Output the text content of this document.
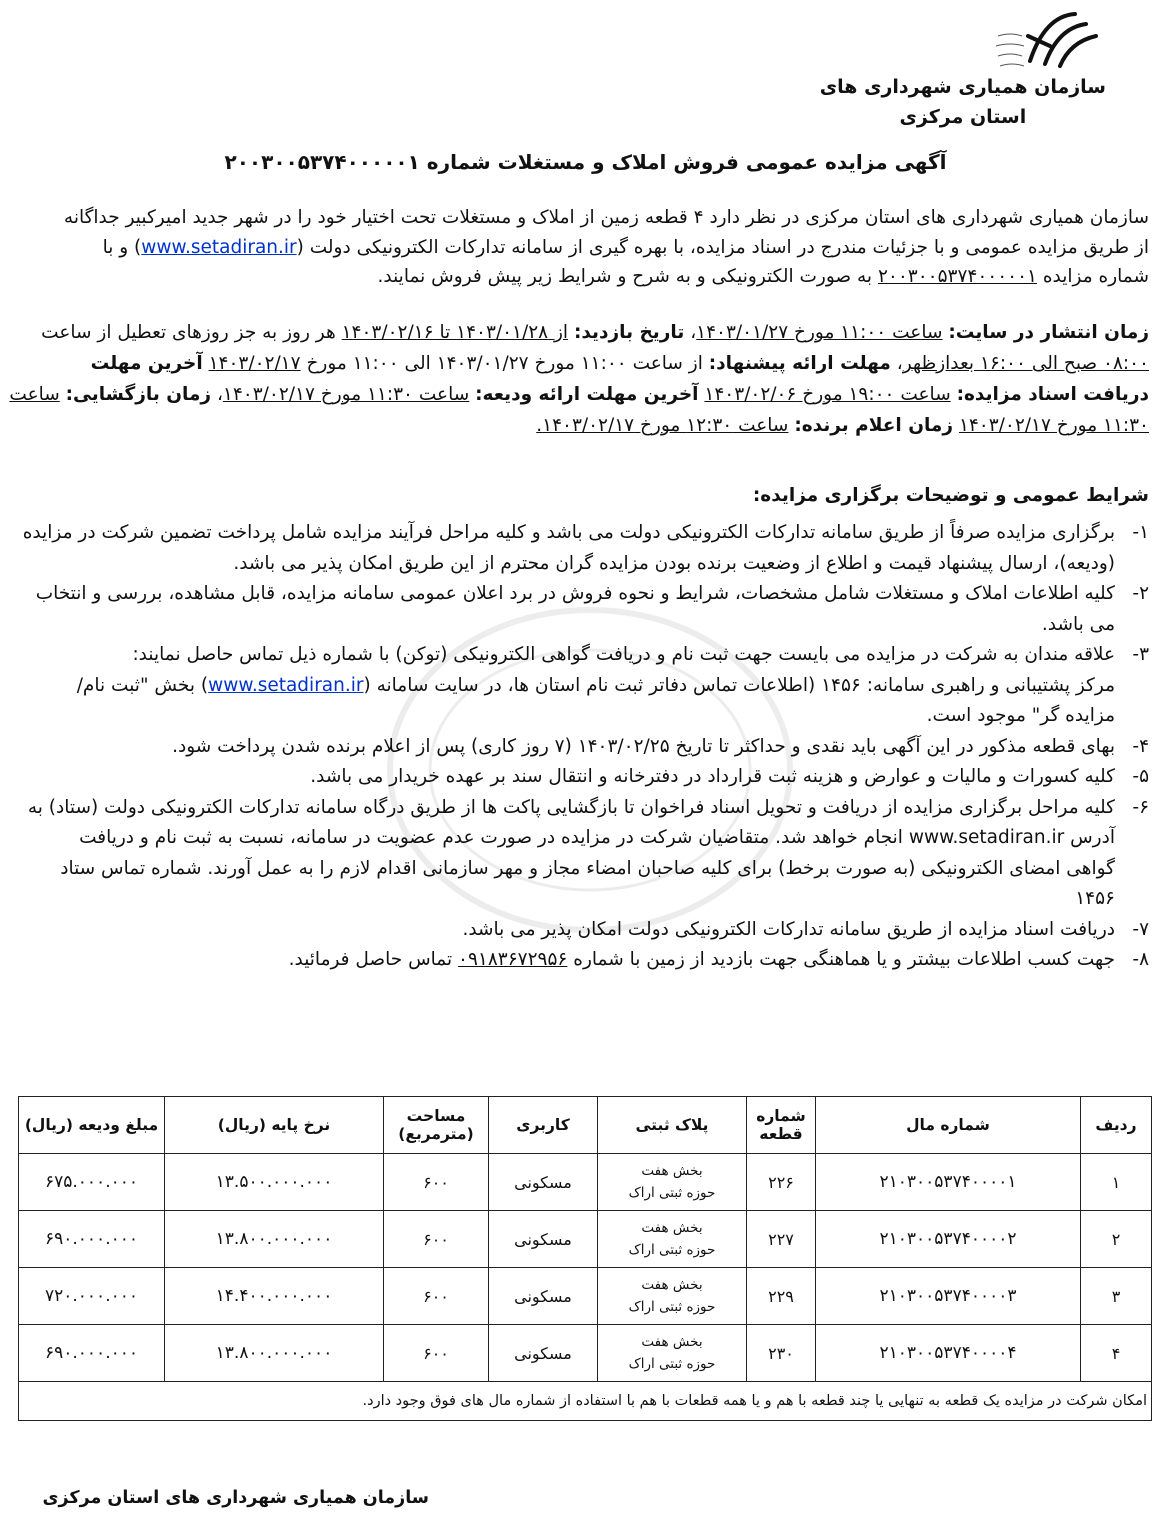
سازمان همیاری شهرداری های
استان مرکزی
آگهی مزایده عمومی فروش املاک و مستغلات شماره ۲۰۰۳۰۰۵۳۷۴۰۰۰۰۰۱
سازمان همیاری شهرداری های استان مرکزی در نظر دارد ۴ قطعه زمین از املاک و مستغلات تحت اختیار خود را در شهر جدید امیرکبیر جداگانه
از طریق مزایده عمومی و با جزئیات مندرج در اسناد مزایده، با بهره گیری از سامانه تدارکات الکترونیکی دولت (www.setadiran.ir) و با
شماره مزایده ۲۰۰۳۰۰۵۳۷۴۰۰۰۰۰۱ به صورت الکترونیکی و به شرح و شرایط زیر پیش فروش نمایند.
زمان انتشار در سایت: ساعت ۱۱:۰۰ مورخ ۱۴۰۳/۰۱/۲۷، تاریخ بازدید: از ۱۴۰۳/۰۱/۲۸ تا ۱۴۰۳/۰۲/۱۶ هر روز به جز روزهای تعطیل از ساعت
۰۸:۰۰ صبح الی ۱۶:۰۰ بعدازظهر، مهلت ارائه پیشنهاد: از ساعت ۱۱:۰۰ مورخ ۱۴۰۳/۰۱/۲۷ الی ۱۱:۰۰ مورخ ۱۴۰۳/۰۲/۱۷ آخرین مهلت
دریافت اسناد مزایده: ساعت ۱۹:۰۰ مورخ ۱۴۰۳/۰۲/۰۶ آخرین مهلت ارائه ودیعه: ساعت ۱۱:۳۰ مورخ ۱۴۰۳/۰۲/۱۷، زمان بازگشایی: ساعت
۱۱:۳۰ مورخ ۱۴۰۳/۰۲/۱۷ زمان اعلام برنده: ساعت ۱۲:۳۰ مورخ ۱۴۰۳/۰۲/۱۷.
شرایط عمومی و توضیحات برگزاری مزایده:
۱-
برگزاری مزایده صرفاً از طریق سامانه تدارکات الکترونیکی دولت می باشد و کلیه مراحل فرآیند مزایده شامل پرداخت تضمین شرکت در مزایده
(ودیعه)، ارسال پیشنهاد قیمت و اطلاع از وضعیت برنده بودن مزایده گران محترم از این طریق امکان پذیر می باشد.
۲-
کلیه اطلاعات املاک و مستغلات شامل مشخصات، شرایط و نحوه فروش در برد اعلان عمومی سامانه مزایده، قابل مشاهده، بررسی و انتخاب
می باشد.
۳-
علاقه مندان به شرکت در مزایده می بایست جهت ثبت نام و دریافت گواهی الکترونیکی (توکن) با شماره ذیل تماس حاصل نمایند:
مرکز پشتیبانی و راهبری سامانه: ۱۴۵۶ (اطلاعات تماس دفاتر ثبت نام استان ها، در سایت سامانه (www.setadiran.ir) بخش "ثبت نام/
مزایده گر" موجود است.
۴-
بهای قطعه مذکور در این آگهی باید نقدی و حداکثر تا تاریخ ۱۴۰۳/۰۲/۲۵ (۷ روز کاری) پس از اعلام برنده شدن پرداخت شود.
۵-
کلیه کسورات و مالیات و عوارض و هزینه ثبت قرارداد در دفترخانه و انتقال سند بر عهده خریدار می باشد.
۶-
کلیه مراحل برگزاری مزایده از دریافت و تحویل اسناد فراخوان تا بازگشایی پاکت ها از طریق درگاه سامانه تدارکات الکترونیکی دولت (ستاد) به
آدرس www.setadiran.ir انجام خواهد شد. متقاضیان شرکت در مزایده در صورت عدم عضویت در سامانه، نسبت به ثبت نام و دریافت
گواهی امضای الکترونیکی (به صورت برخط) برای کلیه صاحبان امضاء مجاز و مهر سازمانی اقدام لازم را به عمل آورند. شماره تماس ستاد
۱۴۵۶
۷-
دریافت اسناد مزایده از طریق سامانه تدارکات الکترونیکی دولت امکان پذیر می باشد.
۸-
جهت کسب اطلاعات بیشتر و یا هماهنگی جهت بازدید از زمین با شماره ۰۹۱۸۳۶۷۲۹۵۶ تماس حاصل فرمائید.
ردیف	شماره مال	شماره قطعه	پلاک ثبتی	کاربری	مساحت
(مترمربع)	نرخ پایه (ریال)	مبلغ ودیعه (ریال)
۱	۲۱۰۳۰۰۵۳۷۴۰۰۰۰۱	۲۲۶	بخش هفت
حوزه ثبتی اراک	مسکونی	۶۰۰	۱۳.۵۰۰.۰۰۰.۰۰۰	۶۷۵.۰۰۰.۰۰۰
۲	۲۱۰۳۰۰۵۳۷۴۰۰۰۰۲	۲۲۷	بخش هفت
حوزه ثبتی اراک	مسکونی	۶۰۰	۱۳.۸۰۰.۰۰۰.۰۰۰	۶۹۰.۰۰۰.۰۰۰
۳	۲۱۰۳۰۰۵۳۷۴۰۰۰۰۳	۲۲۹	بخش هفت
حوزه ثبتی اراک	مسکونی	۶۰۰	۱۴.۴۰۰.۰۰۰.۰۰۰	۷۲۰.۰۰۰.۰۰۰
۴	۲۱۰۳۰۰۵۳۷۴۰۰۰۰۴	۲۳۰	بخش هفت
حوزه ثبتی اراک	مسکونی	۶۰۰	۱۳.۸۰۰.۰۰۰.۰۰۰	۶۹۰.۰۰۰.۰۰۰
امکان شرکت در مزایده یک قطعه به تنهایی یا چند قطعه با هم و یا همه قطعات با هم با استفاده از شماره مال های فوق وجود دارد.							
سازمان همیاری شهرداری های استان مرکزی
